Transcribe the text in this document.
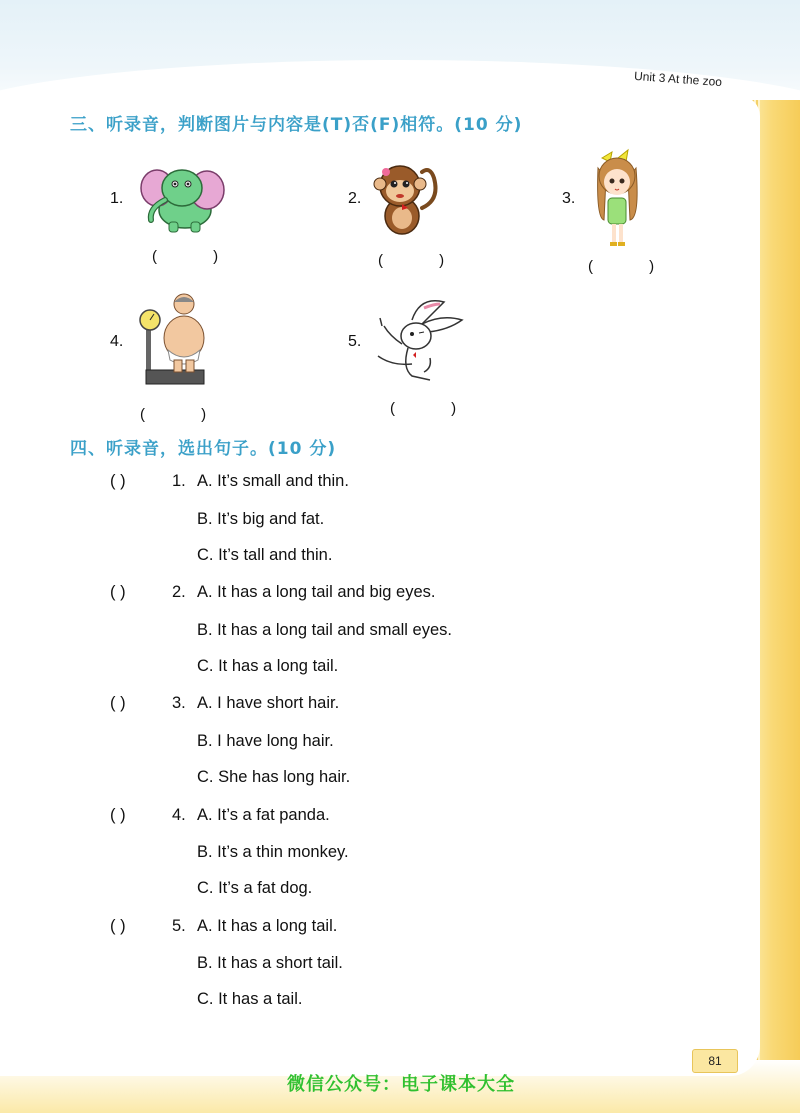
Unit 3 At the zoo
三、听录音，判断图片与内容是(T)否(F)相符。(10 分)
1.
( )
2.
( )
3.
( )
4.
( )
5.
( )
四、听录音，选出句子。(10 分)
( )	1. A. It’s small and thin.
B. It’s big and fat.
C. It’s tall and thin.
( )	2. A. It has a long tail and big eyes.
B. It has a long tail and small eyes.
C. It has a long tail.
( )	3. A. I have short hair.
B. I have long hair.
C. She has long hair.
( )	4. A. It’s a fat panda.
B. It’s a thin monkey.
C. It’s a fat dog.
( )	5. A. It has a long tail.
B. It has a short tail.
C. It has a tail.
81
微信公众号：电子课本大全
